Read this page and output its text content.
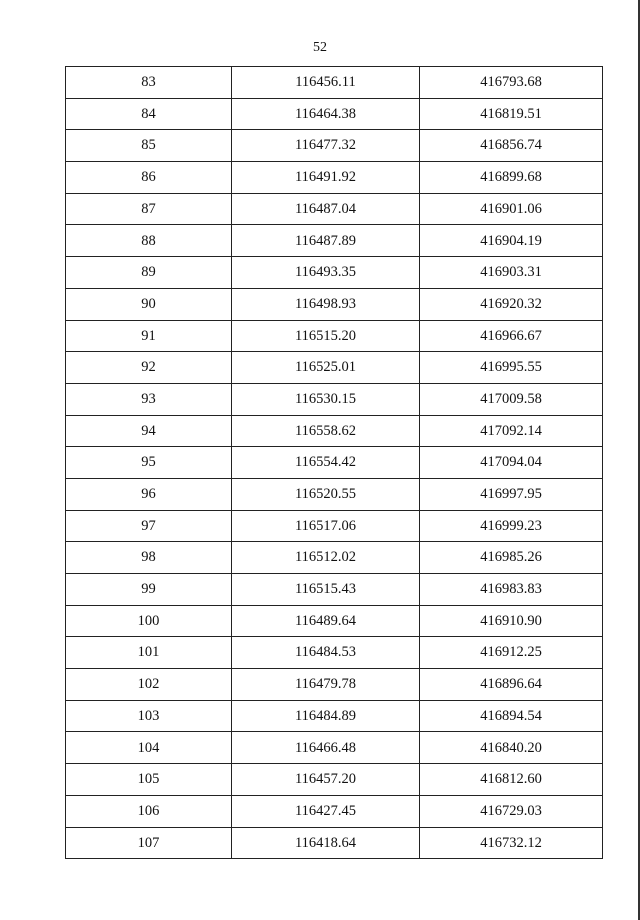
52
83	116456.11	416793.68
84	116464.38	416819.51
85	116477.32	416856.74
86	116491.92	416899.68
87	116487.04	416901.06
88	116487.89	416904.19
89	116493.35	416903.31
90	116498.93	416920.32
91	116515.20	416966.67
92	116525.01	416995.55
93	116530.15	417009.58
94	116558.62	417092.14
95	116554.42	417094.04
96	116520.55	416997.95
97	116517.06	416999.23
98	116512.02	416985.26
99	116515.43	416983.83
100	116489.64	416910.90
101	116484.53	416912.25
102	116479.78	416896.64
103	116484.89	416894.54
104	116466.48	416840.20
105	116457.20	416812.60
106	116427.45	416729.03
107	116418.64	416732.12
